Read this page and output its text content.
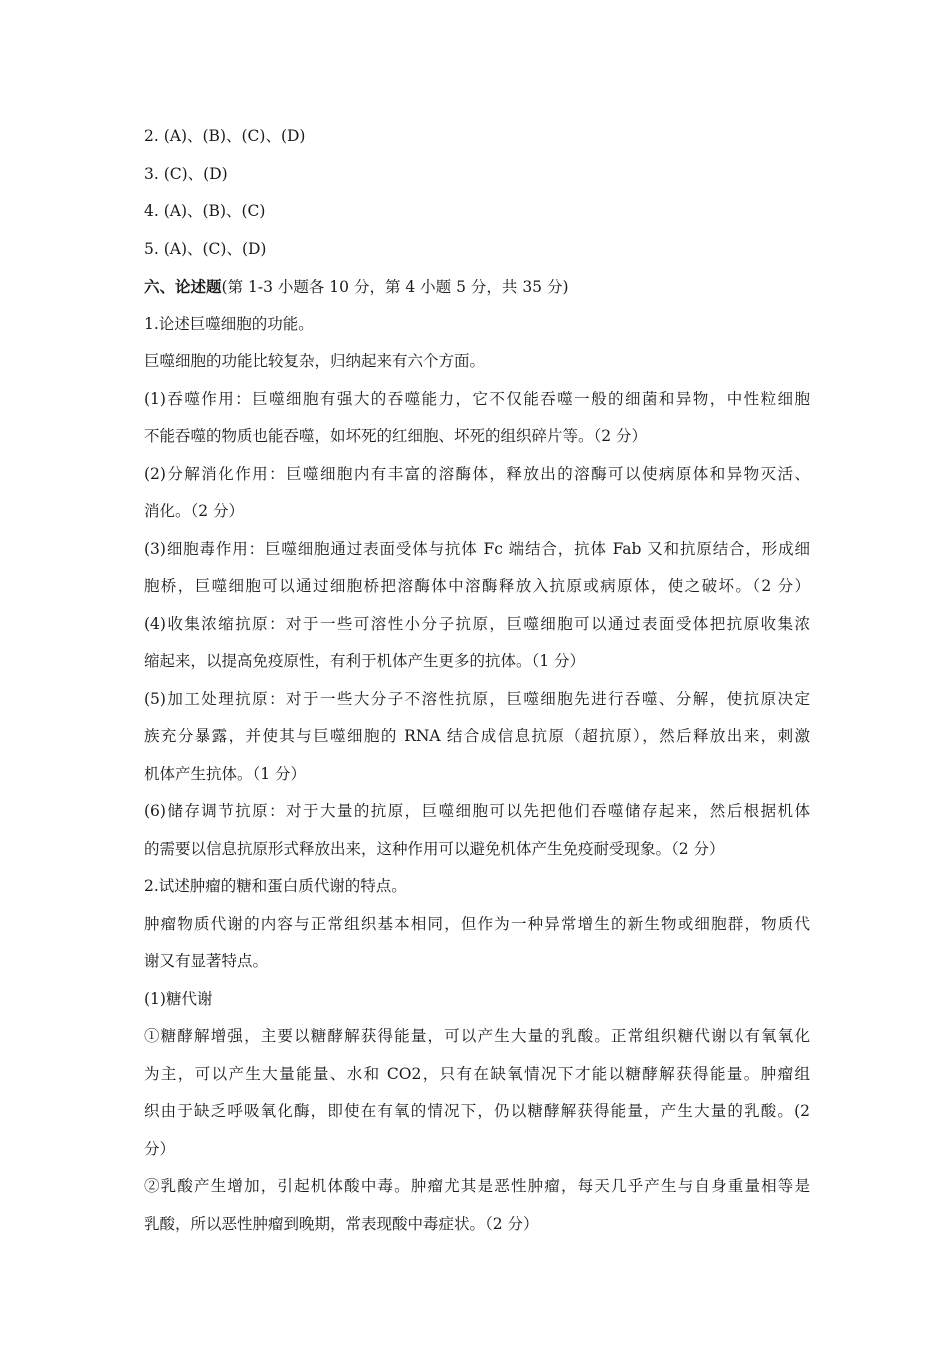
2. (A)、(B)、(C)、(D)
3. (C)、(D)
4. (A)、(B)、(C)
5. (A)、(C)、(D)
六、论述题(第 1-3 小题各 10 分，第 4 小题 5 分，共 35 分)
1.论述巨噬细胞的功能。
巨噬细胞的功能比较复杂，归纳起来有六个方面。
(1)吞噬作用：巨噬细胞有强大的吞噬能力，它不仅能吞噬一般的细菌和异物，中性粒细胞
不能吞噬的物质也能吞噬，如坏死的红细胞、坏死的组织碎片等。（2 分）
(2)分解消化作用：巨噬细胞内有丰富的溶酶体，释放出的溶酶可以使病原体和异物灭活、
消化。（2 分）
(3)细胞毒作用：巨噬细胞通过表面受体与抗体 Fc 端结合，抗体 Fab 又和抗原结合，形成细
胞桥，巨噬细胞可以通过细胞桥把溶酶体中溶酶释放入抗原或病原体，使之破坏。（2 分）
(4)收集浓缩抗原：对于一些可溶性小分子抗原，巨噬细胞可以通过表面受体把抗原收集浓
缩起来，以提高免疫原性，有利于机体产生更多的抗体。（1 分）
(5)加工处理抗原：对于一些大分子不溶性抗原，巨噬细胞先进行吞噬、分解，使抗原决定
族充分暴露，并使其与巨噬细胞的 RNA 结合成信息抗原（超抗原），然后释放出来，刺激
机体产生抗体。（1 分）
(6)储存调节抗原：对于大量的抗原，巨噬细胞可以先把他们吞噬储存起来，然后根据机体
的需要以信息抗原形式释放出来，这种作用可以避免机体产生免疫耐受现象。（2 分）
2.试述肿瘤的糖和蛋白质代谢的特点。
肿瘤物质代谢的内容与正常组织基本相同，但作为一种异常增生的新生物或细胞群，物质代
谢又有显著特点。
(1)糖代谢
①糖酵解增强，主要以糖酵解获得能量，可以产生大量的乳酸。正常组织糖代谢以有氧氧化
为主，可以产生大量能量、水和 CO2，只有在缺氧情况下才能以糖酵解获得能量。肿瘤组
织由于缺乏呼吸氧化酶，即使在有氧的情况下，仍以糖酵解获得能量，产生大量的乳酸。(2
分）
②乳酸产生增加，引起机体酸中毒。肿瘤尤其是恶性肿瘤，每天几乎产生与自身重量相等是
乳酸，所以恶性肿瘤到晚期，常表现酸中毒症状。（2 分）
